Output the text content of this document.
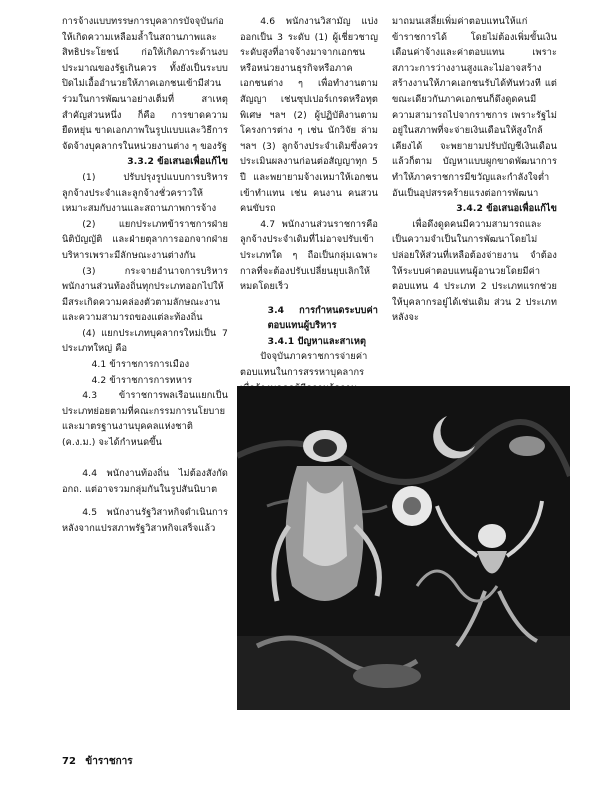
การจ้างแบบทรรษการบุคลากรบัจจุบันก่อให้เกิดความเหลือมล้ำในสถานภาพและสิทธิประโยชน์ ก่อให้เกิดภาระด้านงบประมาณของรัฐเกินควร ทั้งยังเป็นระบบปิดไม่เอื้ออำนวยให้ภาคเอกชนเข้ามีส่วนร่วมในการพัฒนาอย่างเต็มที่ สาเหตุสำคัญส่วนหนึ่ง ก็คือ การขาดความยืดหยุ่น ขาดเอกภาพในรูปแบบและวิธีการจัดจ้างบุคลากรในหน่วยงานต่าง ๆ ของรัฐ

3.3.2 ข้อเสนอเพื่อแก้ไข

(1) ปรับปรุงรูปแบบการบริหารลูกจ้างประจำและลูกจ้างชั่วคราวให้เหมาะสมกับงานและสถานภาพการจ้าง

(2) แยกประเภทข้าราชการฝ่ายนิติบัญญัติ และฝ่ายตุลาการออกจากฝ่ายบริหารเพราะมีลักษณะงานต่างกัน

(3) กระจายอำนาจการบริหารพนักงานส่วนท้องถิ่นทุกประเภทออกไปให้มีสระเกิดความคล่องตัวตามลักษณะงานและความสามารถของแต่ละท้องถิ่น

(4) แยกประเภทบุคลากรใหม่เป็น 7 ประเภทใหญ่ คือ

4.1 ข้าราชการการเมือง

4.2 ข้าราชการการทหาร

4.3 ข้าราชการพลเรือนแยกเป็นประเภทย่อยตามที่คณะกรรมการนโยบายและมาตรฐานงานบุคคลแห่งชาติ (ค.ง.ม.) จะได้กำหนดขึ้น

4.4 พนักงานท้องถิ่น ไม่ต้องสังกัด อกถ. แต่อาจรวมกลุ่มกันในรูปสันนิบาต

4.5 พนักงานรัฐวิสาหกิจดำเนินการหลังจากแปรสภาพรัฐวิสาหกิจเสร็จแล้ว

4.6 พนักงานวิสามัญ แบ่งออกเป็น 3 ระดับ (1) ผู้เชี่ยวชาญระดับสูงที่อาจจ้างมาจากเอกชนหรือหน่วยงานธุรกิจหรือภาคเอกชนต่าง ๆ เพื่อทำงานตามสัญญา เช่นซุปเปอร์เกรดหรือทุตพิเศษ ฯลฯ (2) ผู้ปฏิบัติงานตามโครงการต่าง ๆ เช่น นักวิจัย ล่าม ฯลฯ (3) ลูกจ้างประจำเดิมซึ่งควรประเมินผลงานก่อนต่อสัญญาทุก 5 ปี และพยายามจ้างเหมาให้เอกชนเข้าทำแทน เช่น คนงาน คนสวน คนขับรถ

4.7 พนักงานส่วนราชการคือลูกจ้างประจำเดิมที่ไม่อาจปรับเข้าประเภทใด ๆ ถือเป็นกลุ่มเฉพาะกาลที่จะต้องปรับเปลี่ยนยุบเลิกให้หมดโดยเร็ว

3.4 การกำหนดระบบค่าตอบแทนผู้บริหาร

3.4.1 ปัญหาและสาเหตุ

ปัจจุบันภาคราชการจ่ายค่าตอบแทนในการสรรหาบุคลากร

มาถมนเสลี่ยเพิ่มค่าตอบแทนให้แก่ข้าราชการได้ โดยไม่ต้องเพิ่มขั้นเงินเดือนค่าจ้างและค่าตอบแทน เพราะสภาวะการว่างงานสูงและไม่อาจสร้างสร้างงานให้ภาคเอกชนรับได้ทันท่วงที แต่ขณะเดียวกันภาคเอกชนก็ดึงดูดคนมีความสามารถไปจากราชการ เพราะรัฐไม่อยู่ในสภาพที่จะจ่ายเงินเดือนให้สูงใกล้เคียงได้ จะพยายามปรับบัญชีเงินเดือนแล้วก็ตาม บัญหาแบบผูกขาดพัฒนาการทำให้ภาคราชการมีขวัญและกำลังใจต่ำ อันเป็นอุปสรรคร้ายแรงต่อการพัฒนา

3.4.2 ข้อเสนอเพื่อแก้ไข

เพื่อดึงดูดคนมีความสามารถและเป็นความจำเป็นในการพัฒนาโดยไม่ปล่อยให้ส่วนที่เหลือต้องจ่ายงาน จำต้องให้ระบบค่าตอบแทนผู้อานวยโดยมีค่าตอบแทน 4 ประเภท 2 ประเภทแรกช่วยให้บุคลากรอยู่ได้เช่นเดิม ส่วน 2 ประเภทหลังจะ

72 ข้าราชการ
